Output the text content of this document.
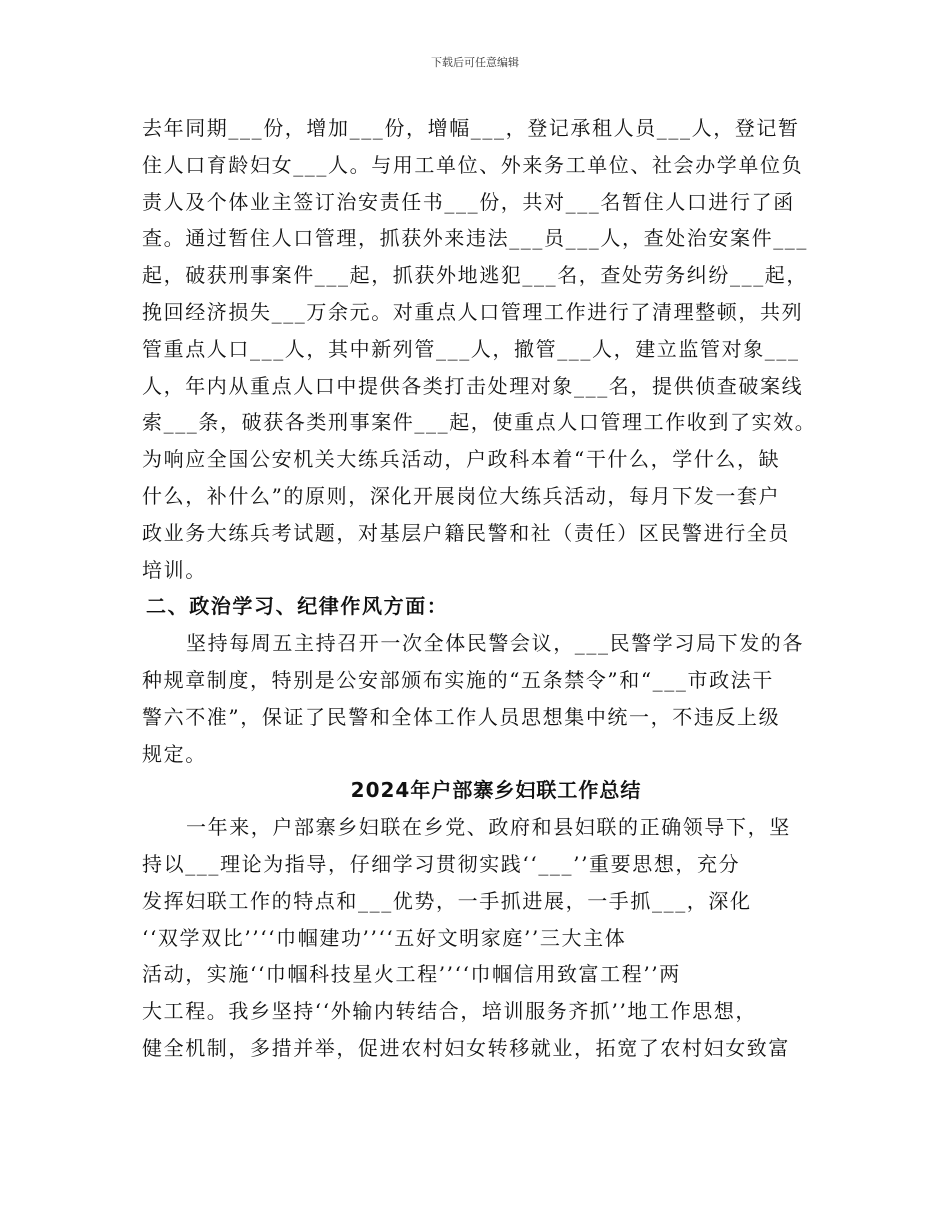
下载后可任意编辑
去年同期___份，增加___份，增幅___，登记承租人员___人，登记暂
住人口育龄妇女___人。与用工单位、外来务工单位、社会办学单位负
责人及个体业主签订治安责任书___份，共对___名暂住人口进行了函
查。通过暂住人口管理，抓获外来违法___员___人，查处治安案件___
起，破获刑事案件___起，抓获外地逃犯___名，查处劳务纠纷___起，
挽回经济损失___万余元。对重点人口管理工作进行了清理整顿，共列
管重点人口___人，其中新列管___人，撤管___人，建立监管对象___
人，年内从重点人口中提供各类打击处理对象___名，提供侦查破案线
索___条，破获各类刑事案件___起，使重点人口管理工作收到了实效。
为响应全国公安机关大练兵活动，户政科本着“干什么，学什么，缺
什么，补什么”的原则，深化开展岗位大练兵活动，每月下发一套户
政业务大练兵考试题，对基层户籍民警和社（责任）区民警进行全员
培训。
二、政治学习、纪律作风方面：
坚持每周五主持召开一次全体民警会议，___民警学习局下发的各
种规章制度，特别是公安部颁布实施的“五条禁令”和“___市政法干
警六不准”，保证了民警和全体工作人员思想集中统一，不违反上级
规定。
2024年户部寨乡妇联工作总结
一年来，户部寨乡妇联在乡党、政府和县妇联的正确领导下，坚
持以___理论为指导，仔细学习贯彻实践‘‘___’’重要思想，充分
发挥妇联工作的特点和___优势，一手抓进展，一手抓___，深化
‘‘双学双比’’‘‘巾帼建功’’‘‘五好文明家庭’’三大主体
活动，实施‘‘巾帼科技星火工程’’‘‘巾帼信用致富工程’’两
大工程。我乡坚持‘‘外输内转结合，培训服务齐抓’’地工作思想，
健全机制，多措并举，促进农村妇女转移就业，拓宽了农村妇女致富
